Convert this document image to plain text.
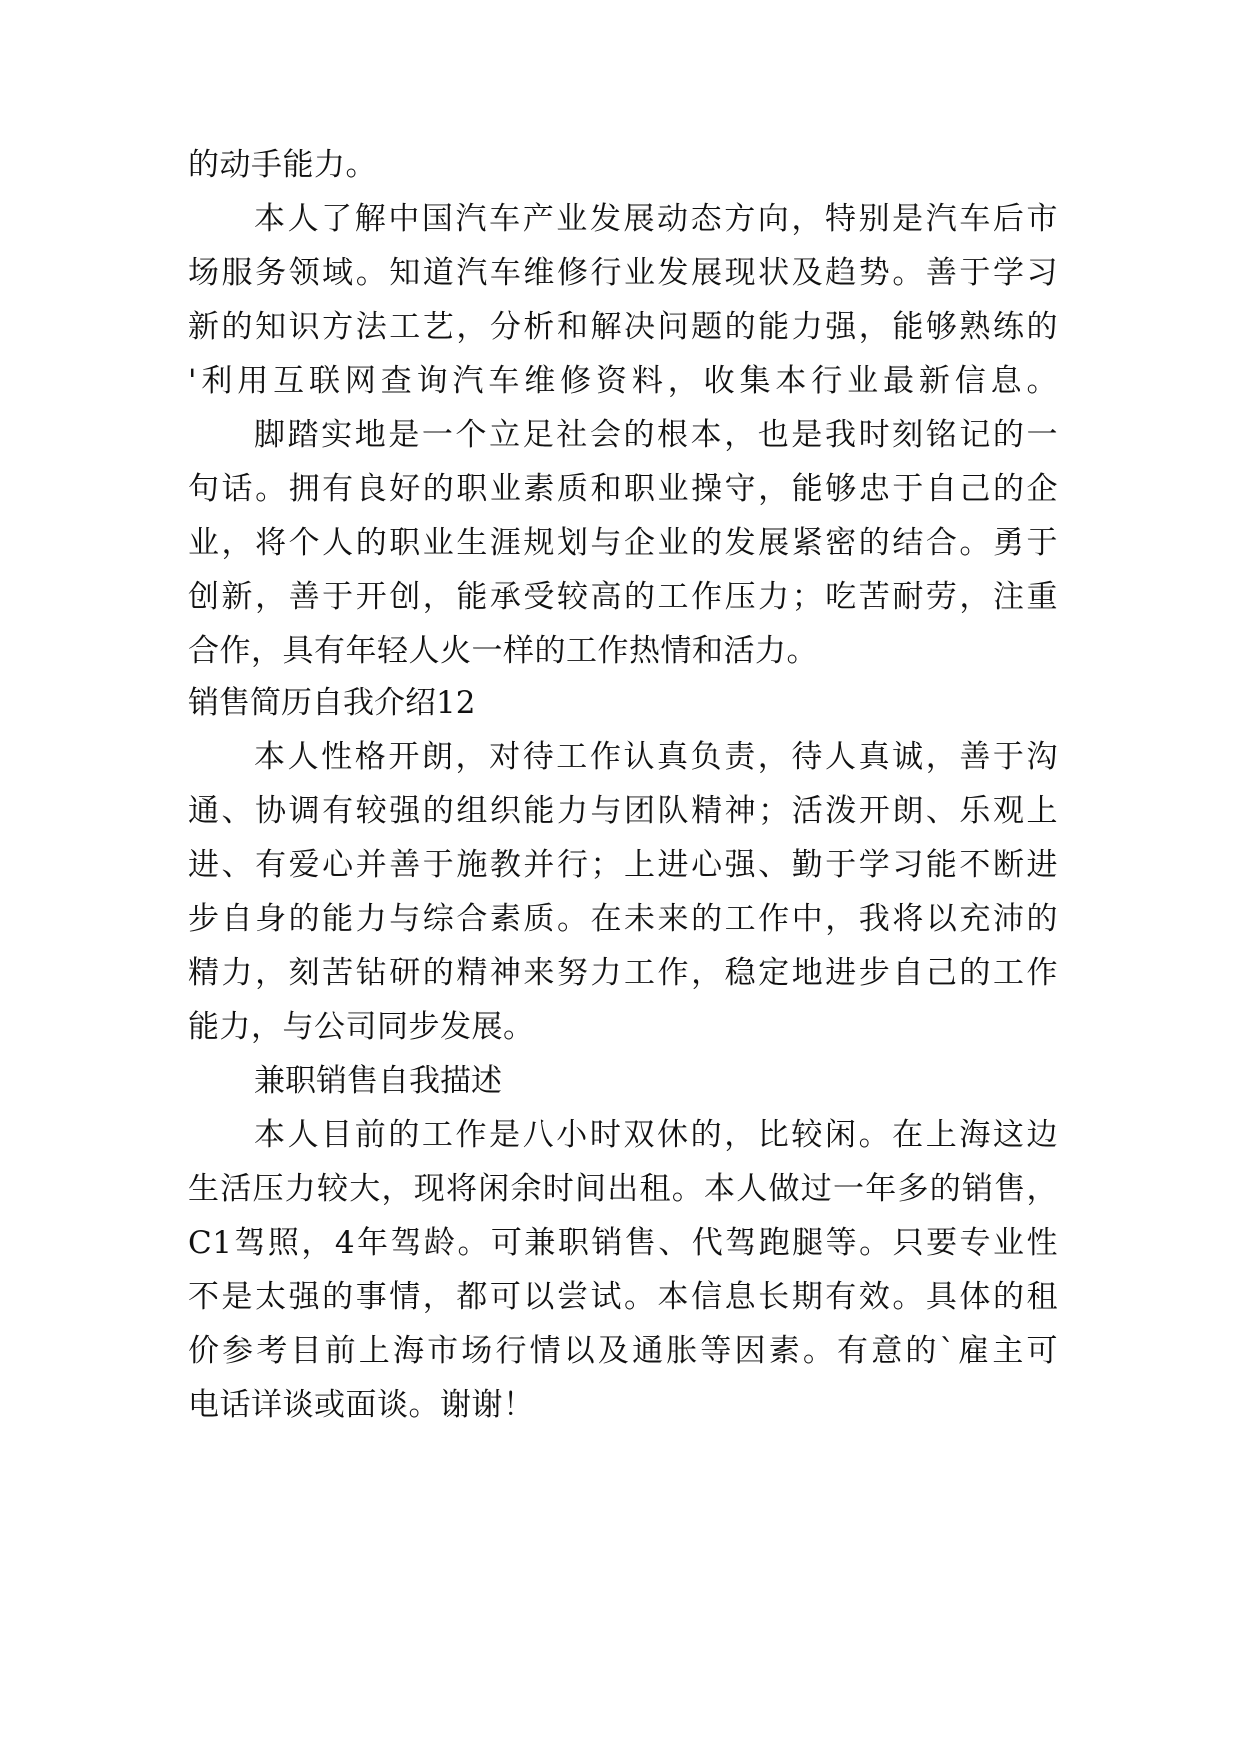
的动手能力。
本人了解中国汽车产业发展动态方向，特别是汽车后市
场服务领域。知道汽车维修行业发展现状及趋势。善于学习
新的知识方法工艺，分析和解决问题的能力强，能够熟练的
'利用互联网查询汽车维修资料，收集本行业最新信息。
脚踏实地是一个立足社会的根本，也是我时刻铭记的一
句话。拥有良好的职业素质和职业操守，能够忠于自己的企
业，将个人的职业生涯规划与企业的发展紧密的结合。勇于
创新，善于开创，能承受较高的工作压力；吃苦耐劳，注重
合作，具有年轻人火一样的工作热情和活力。
销售简历自我介绍12
本人性格开朗，对待工作认真负责，待人真诚，善于沟
通、协调有较强的组织能力与团队精神；活泼开朗、乐观上
进、有爱心并善于施教并行；上进心强、勤于学习能不断进
步自身的能力与综合素质。在未来的工作中，我将以充沛的
精力，刻苦钻研的精神来努力工作，稳定地进步自己的工作
能力，与公司同步发展。
兼职销售自我描述
本人目前的工作是八小时双休的，比较闲。在上海这边
生活压力较大，现将闲余时间出租。本人做过一年多的销售，
C1驾照，4年驾龄。可兼职销售、代驾跑腿等。只要专业性
不是太强的事情，都可以尝试。本信息长期有效。具体的租
价参考目前上海市场行情以及通胀等因素。有意的`雇主可
电话详谈或面谈。谢谢！
